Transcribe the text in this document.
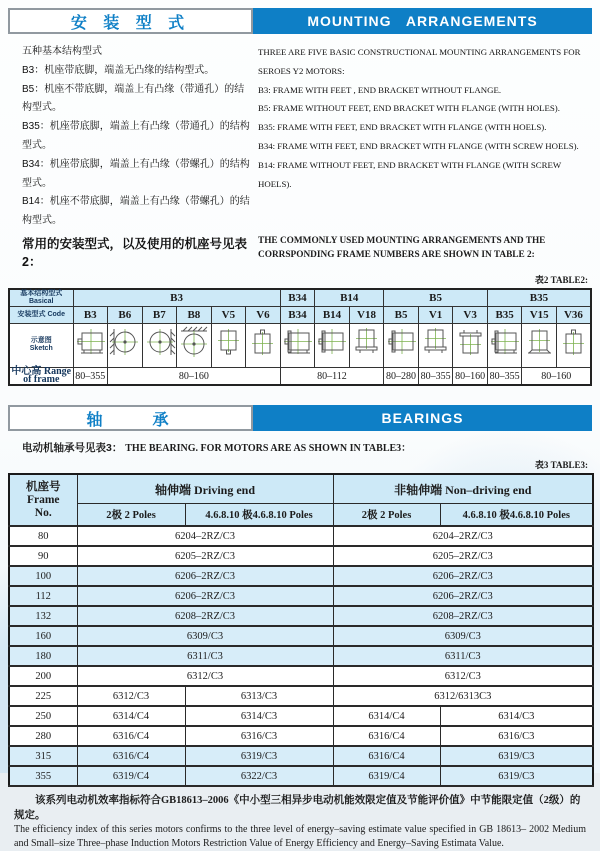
安 装 型 式	MOUNTING ARRANGEMENTS
五种基本结构型式
B3：机座带底脚，端盖无凸缘的结构型式。
B5：机座不带底脚，端盖上有凸缘（带通孔）的结构型式。
B35：机座带底脚，端盖上有凸缘（带通孔）的结构型式。
B34：机座带底脚，端盖上有凸缘（带螺孔）的结构型式。
B14：机座不带底脚，端盖上有凸缘（带螺孔）的结构型式。
THREE ARE FIVE BASIC CONSTRUCTIONAL MOUNTING ARRANGEMENTS FOR SEROES Y2 MOTORS:
B3: FRAME WITH FEET , END BRACKET WITHOUT FLANGE.
B5: FRAME WITHOUT FEET, END BRACKET WITH FLANGE (WITH HOLES).
B35: FRAME WITH FEET, END BRACKET WITH FLANGE (WITH HOELS).
B34: FRAME WITH FEET, END BRACKET WITH FLANGE (WITH SCREW HOELS).
B14: FRAME WITHOUT FEET, END BRACKET WITH FLANGE (WITH SCREW HOELS).
常用的安装型式，以及使用的机座号见表2：
THE COMMONLY USED MOUNTING ARRANGEMENTS AND THE CORRSPONDING FRAME NUMBERS ARE SHOWN IN TABLE 2:
表2 TABLE2:
基本结构型式 Basical	B3						B34	B14		B5			B35		
安装型式 Code	B3	B6	B7	B8	V5	V6	B34	B14	V18	B5	V1	V3	B35	V15	V36
示意图
Sketch															
中心高 Range of frame	80–355	80–160					80–112			80–280	80–355	80–160	80–355	80–160	
轴　　承	BEARINGS
电动机轴承号见表3： THE BEARING. FOR MOTORS ARE AS SHOWN IN TABLE3：
表3 TABLE3:
机座号
Frame
No.	轴伸端 Driving end		非轴伸端 Non–driving end	
	2极 2 Poles	4.6.8.10 极4.6.8.10 Poles	2极 2 Poles	4.6.8.10 极4.6.8.10 Poles
80	6204–2RZ/C3		6204–2RZ/C3	
90	6205–2RZ/C3		6205–2RZ/C3	
100	6206–2RZ/C3		6206–2RZ/C3	
112	6206–2RZ/C3		6206–2RZ/C3	
132	6208–2RZ/C3		6208–2RZ/C3	
160	6309/C3		6309/C3	
180	6311/C3		6311/C3	
200	6312/C3		6312/C3	
225	6312/C3	6313/C3	6312/6313C3	
250	6314/C4	6314/C3	6314/C4	6314/C3
280	6316/C4	6316/C3	6316/C4	6316/C3
315	6316/C4	6319/C3	6316/C4	6319/C3
355	6319/C4	6322/C3	6319/C4	6319/C3
该系列电动机效率指标符合GB18613–2006《中小型三相异步电动机能效限定值及节能评价值》中节能限定值（2级）的规定。
The efficiency index of this series motors confirms to the three level of energy–saving estimate value specified in GB 18613– 2002 Medium and Small–size Three–phase Induction Motors Restriction Value of Energy Efficiency and Energy–Saving Estimata Value.
